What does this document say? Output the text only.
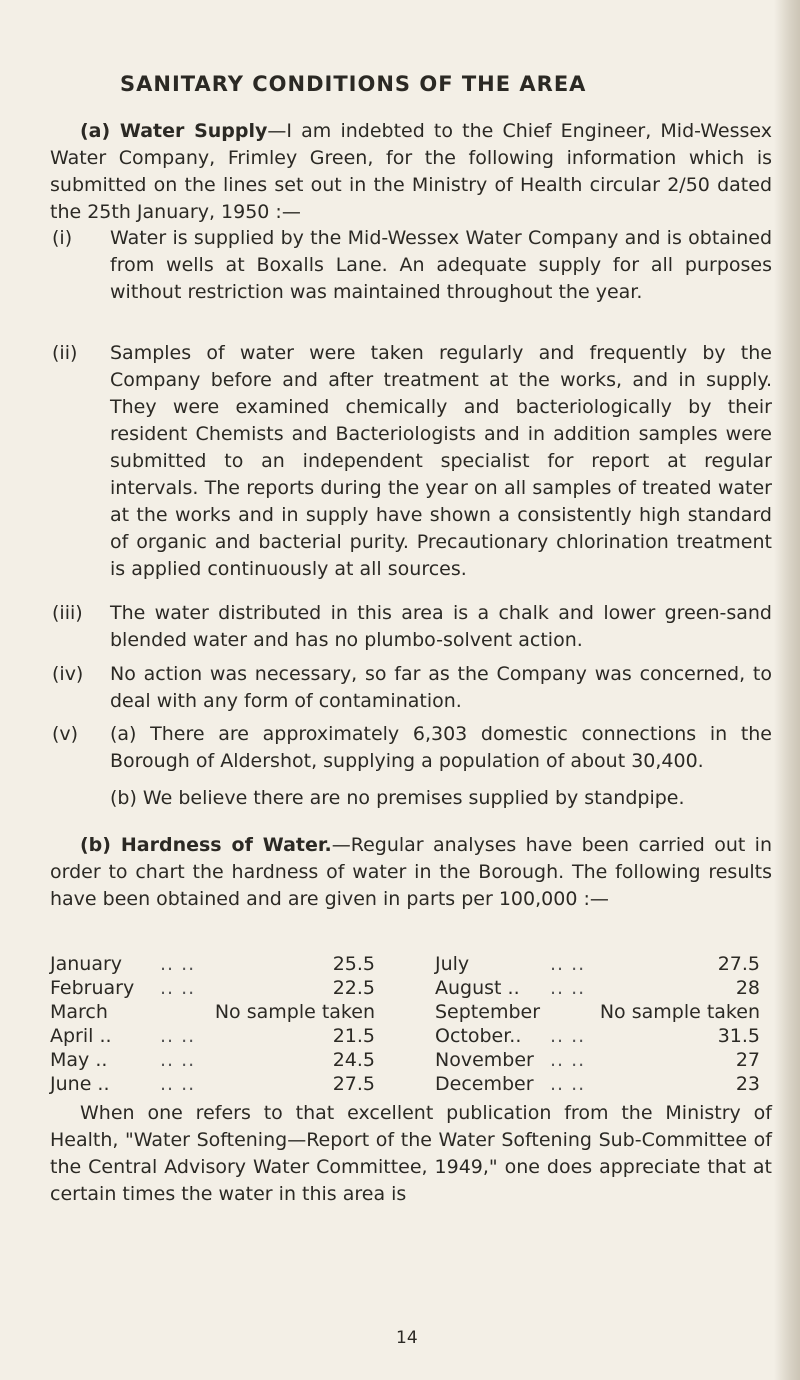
SANITARY CONDITIONS OF THE AREA
(a) Water Supply—I am indebted to the Chief Engineer, Mid-Wessex Water Company, Frimley Green, for the following information which is submitted on the lines set out in the Ministry of Health circular 2/50 dated the 25th January, 1950 :—
(i) Water is supplied by the Mid-Wessex Water Company and is obtained from wells at Boxalls Lane. An adequate supply for all purposes without restriction was maintained throughout the year.
(ii) Samples of water were taken regularly and frequently by the Company before and after treatment at the works, and in supply. They were examined chemically and bacteriologically by their resident Chemists and Bacteriologists and in addition samples were submitted to an independent specialist for report at regular intervals. The reports during the year on all samples of treated water at the works and in supply have shown a consistently high standard of organic and bacterial purity. Precautionary chlorination treatment is applied continuously at all sources.
(iii) The water distributed in this area is a chalk and lower green-sand blended water and has no plumbo-solvent action.
(iv) No action was necessary, so far as the Company was concerned, to deal with any form of contamination.
(v) (a) There are approximately 6,303 domestic connections in the Borough of Aldershot, supplying a population of about 30,400.
(b) We believe there are no premises supplied by standpipe.
(b) Hardness of Water.—Regular analyses have been carried out in order to chart the hardness of water in the Borough. The following results have been obtained and are given in parts per 100,000 :—
January	.. ..	25.5		July	.. ..	27.5
February	.. ..	22.5		August ..	.. ..	28
March	No sample taken			September	No sample taken	
April ..	.. ..	21.5		October..	.. ..	31.5
May ..	.. ..	24.5		November	.. ..	27
June ..	.. ..	27.5		December	.. ..	23
When one refers to that excellent publication from the Ministry of Health, "Water Softening—Report of the Water Softening Sub-Committee of the Central Advisory Water Committee, 1949," one does appreciate that at certain times the water in this area is
14
